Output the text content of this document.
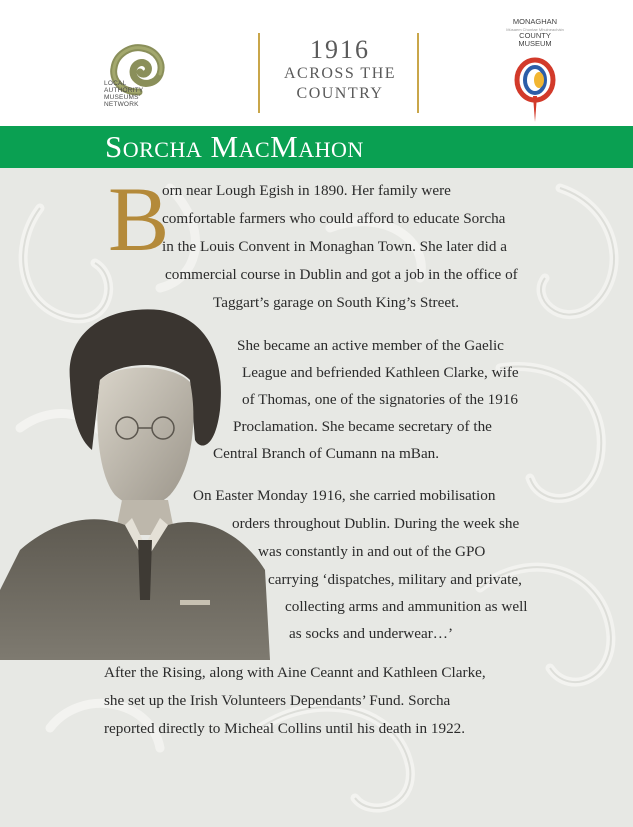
LOCAL
AUTHORITY
MUSEUMS'
NETWORK
1916
ACROSS THE
COUNTRY
MONAGHAN
Músaem Chontae Mhuineacháin
COUNTY
MUSEUM
Sorcha MacMahon
B
orn near Lough Egish in 1890. Her family were
comfortable farmers who could afford to educate Sorcha
in the Louis Convent in Monaghan Town. She later did a
commercial course in Dublin and got a job in the office of
Taggart’s garage on South King’s Street.
She became an active member of the Gaelic
League and befriended Kathleen Clarke, wife
of Thomas, one of the signatories of the 1916
Proclamation. She became secretary of the
Central Branch of Cumann na mBan.
On Easter Monday 1916, she carried mobilisation
orders throughout Dublin. During the week she
was constantly in and out of the GPO
carrying ‘dispatches, military and private,
collecting arms and ammunition as well
as socks and underwear…’
After the Rising, along with Aine Ceannt and Kathleen Clarke,
she set up the Irish Volunteers Dependants’ Fund. Sorcha
reported directly to Micheal Collins until his death in 1922.
